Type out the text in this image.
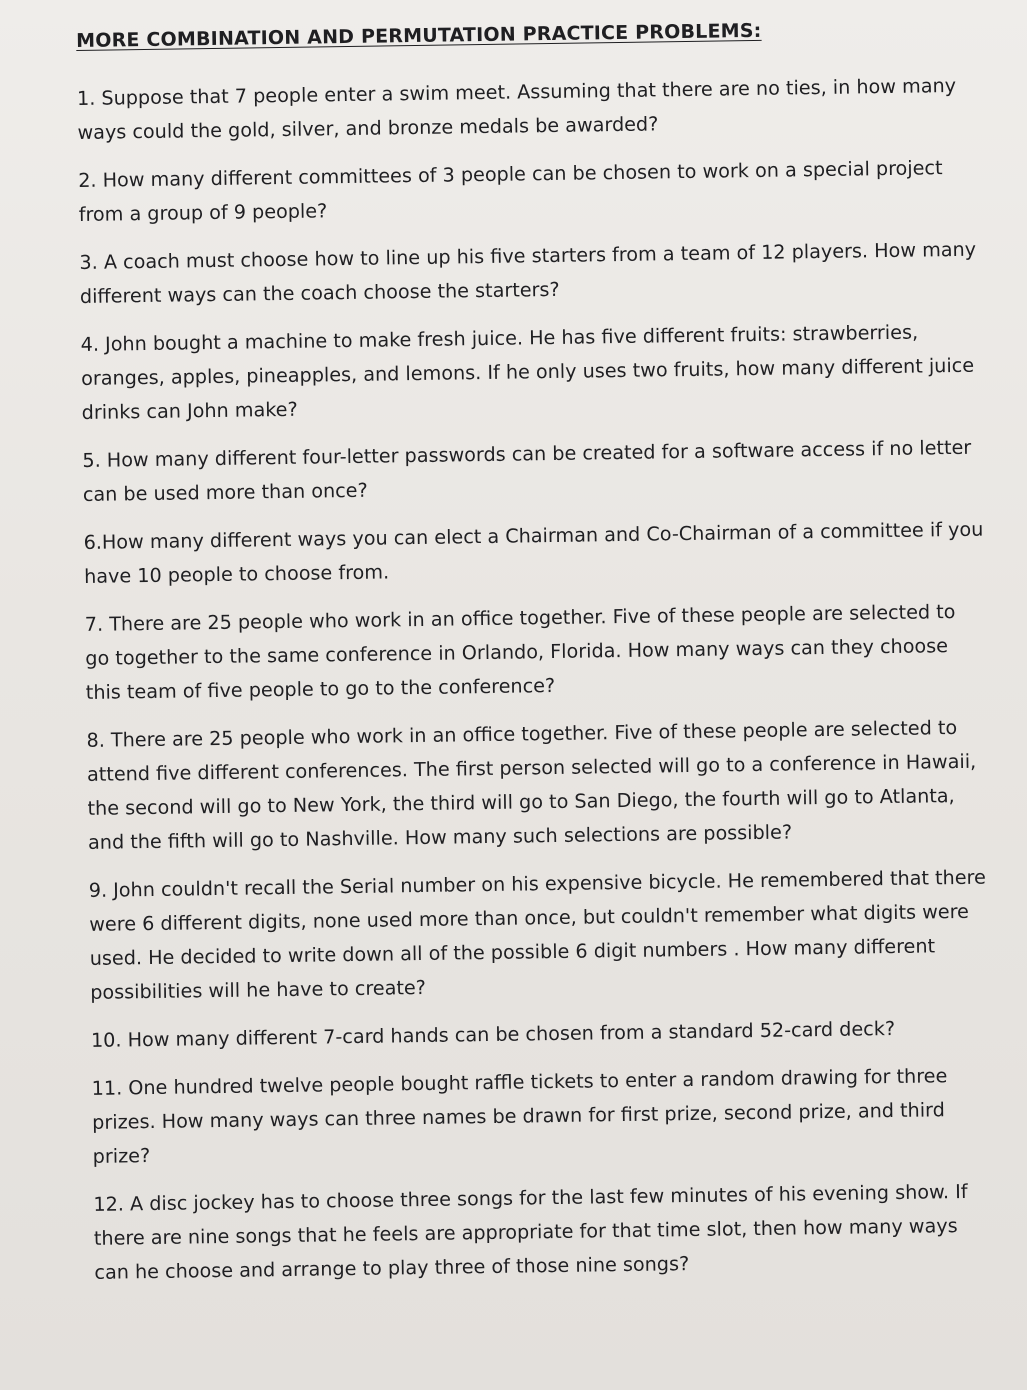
MORE COMBINATION AND PERMUTATION PRACTICE PROBLEMS:

1. Suppose that 7 people enter a swim meet. Assuming that there are no ties, in how many ways could the gold, silver, and bronze medals be awarded?

2. How many different committees of 3 people can be chosen to work on a special project from a group of 9 people?

3. A coach must choose how to line up his five starters from a team of 12 players. How many different ways can the coach choose the starters?

4. John bought a machine to make fresh juice. He has five different fruits: strawberries, oranges, apples, pineapples, and lemons. If he only uses two fruits, how many different juice drinks can John make?

5. How many different four-letter passwords can be created for a software access if no letter can be used more than once?

6.How many different ways you can elect a Chairman and Co-Chairman of a committee if you have 10 people to choose from.

7. There are 25 people who work in an office together. Five of these people are selected to go together to the same conference in Orlando, Florida. How many ways can they choose this team of five people to go to the conference?

8. There are 25 people who work in an office together. Five of these people are selected to attend five different conferences. The first person selected will go to a conference in Hawaii, the second will go to New York, the third will go to San Diego, the fourth will go to Atlanta, and the fifth will go to Nashville. How many such selections are possible?

9. John couldn't recall the Serial number on his expensive bicycle. He remembered that there were 6 different digits, none used more than once, but couldn't remember what digits were used. He decided to write down all of the possible 6 digit numbers . How many different possibilities will he have to create?

10. How many different 7-card hands can be chosen from a standard 52-card deck?

11. One hundred twelve people bought raffle tickets to enter a random drawing for three prizes. How many ways can three names be drawn for first prize, second prize, and third prize?

12. A disc jockey has to choose three songs for the last few minutes of his evening show. If there are nine songs that he feels are appropriate for that time slot, then how many ways can he choose and arrange to play three of those nine songs?
